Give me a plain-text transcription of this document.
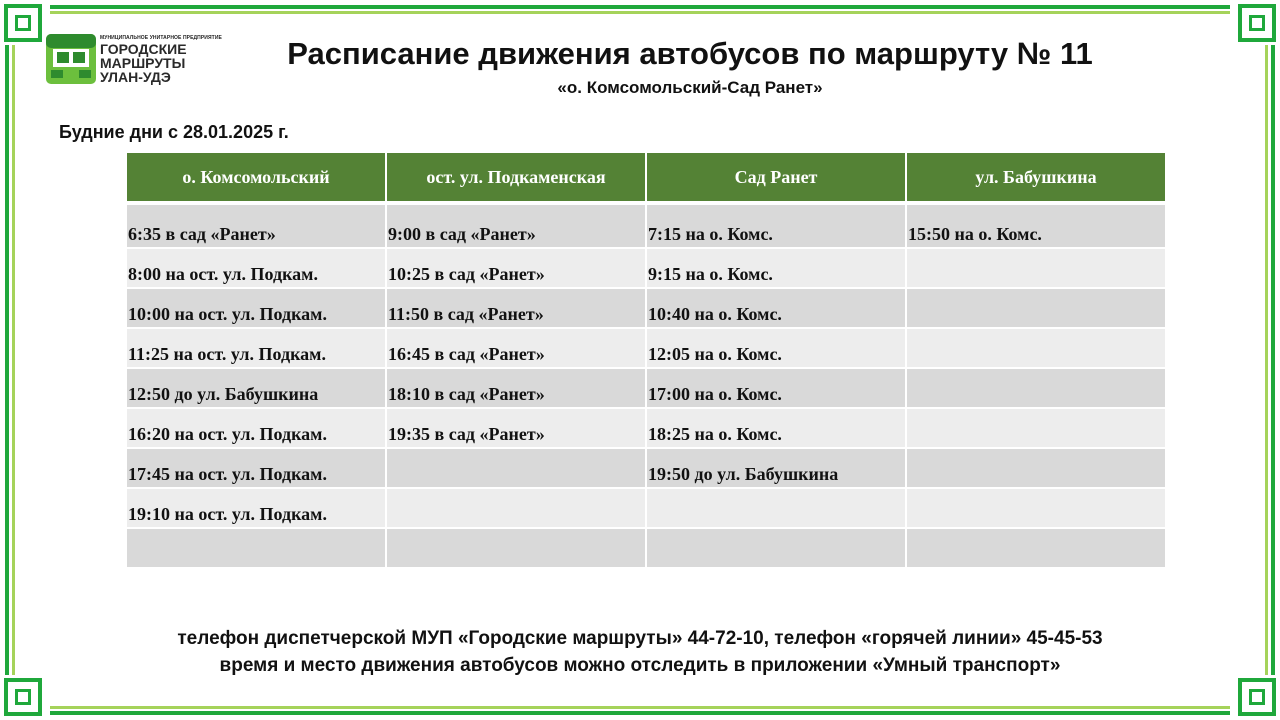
МУНИЦИПАЛЬНОЕ УНИТАРНОЕ ПРЕДПРИЯТИЕ
ГОРОДСКИЕ
МАРШРУТЫ
УЛАН-УДЭ
Расписание движения автобусов по маршруту № 11
«о. Комсомольский-Сад Ранет»
Будние дни с 28.01.2025 г.
о. Комсомольский	ост. ул. Подкаменская	Сад Ранет	ул. Бабушкина
6:35 в сад «Ранет»	9:00 в сад «Ранет»	7:15 на о. Комс.	15:50 на о. Комс.
8:00 на ост. ул. Подкам.	10:25 в сад «Ранет»	9:15 на о. Комс.	
10:00 на ост. ул. Подкам.	11:50 в сад «Ранет»	10:40 на о. Комс.	
11:25 на ост. ул. Подкам.	16:45 в сад «Ранет»	12:05 на о. Комс.	
12:50 до ул. Бабушкина	18:10 в сад «Ранет»	17:00 на о. Комс.	
16:20 на ост. ул. Подкам.	19:35 в сад «Ранет»	18:25 на о. Комс.	
17:45 на ост. ул. Подкам.		19:50 до ул. Бабушкина	
19:10 на ост. ул. Подкам.			

телефон диспетчерской МУП «Городские маршруты» 44-72-10, телефон «горячей линии» 45-45-53
время и место движения автобусов можно отследить в приложении «Умный транспорт»
